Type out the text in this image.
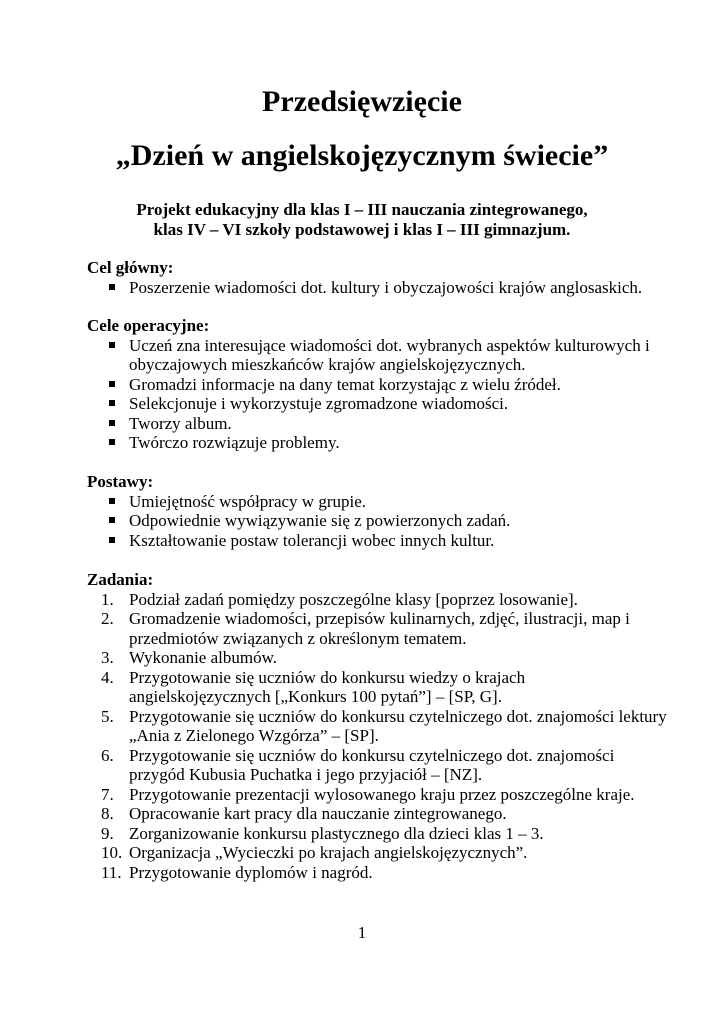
Przedsięwzięcie
„Dzień w angielskojęzycznym świecie”
Projekt edukacyjny dla klas I – III nauczania zintegrowanego,
klas IV – VI szkoły podstawowej i klas I – III gimnazjum.
Cel główny:
Poszerzenie wiadomości dot. kultury i obyczajowości krajów anglosaskich.
Cele operacyjne:
Uczeń zna interesujące wiadomości dot. wybranych aspektów kulturowych i obyczajowych mieszkańców krajów angielskojęzycznych.
Gromadzi informacje na dany temat korzystając z wielu źródeł.
Selekcjonuje i wykorzystuje zgromadzone wiadomości.
Tworzy album.
Twórczo rozwiązuje problemy.
Postawy:
Umiejętność współpracy w grupie.
Odpowiednie wywiązywanie się z powierzonych zadań.
Kształtowanie postaw tolerancji wobec innych kultur.
Zadania:
1. Podział zadań pomiędzy poszczególne klasy [poprzez losowanie].
2. Gromadzenie wiadomości, przepisów kulinarnych, zdjęć, ilustracji, map i przedmiotów związanych z określonym tematem.
3. Wykonanie albumów.
4. Przygotowanie się uczniów do konkursu wiedzy o krajach angielskojęzycznych [„Konkurs 100 pytań”] – [SP, G].
5. Przygotowanie się uczniów do konkursu czytelniczego dot. znajomości lektury „Ania z Zielonego Wzgórza” – [SP].
6. Przygotowanie się uczniów do konkursu czytelniczego dot. znajomości przygód Kubusia Puchatka i jego przyjaciół – [NZ].
7. Przygotowanie prezentacji wylosowanego kraju przez poszczególne kraje.
8. Opracowanie kart pracy dla nauczanie zintegrowanego.
9. Zorganizowanie konkursu plastycznego dla dzieci klas 1 – 3.
10. Organizacja „Wycieczki po krajach angielskojęzycznych”.
11. Przygotowanie dyplomów i nagród.
1
